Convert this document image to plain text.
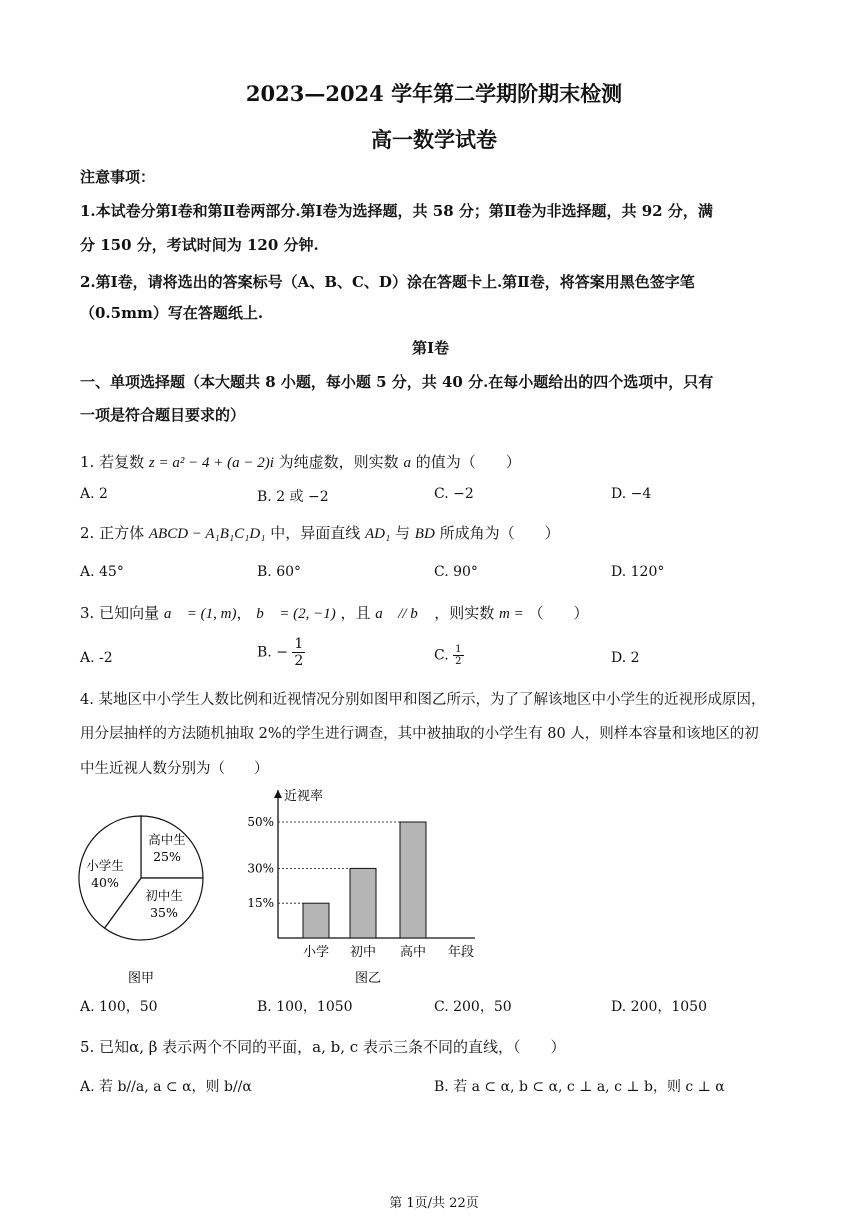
2023—2024 学年第二学期阶期末检测
高一数学试卷
注意事项：
1.本试卷分第Ⅰ卷和第Ⅱ卷两部分.第Ⅰ卷为选择题，共 58 分；第Ⅱ卷为非选择题，共 92 分，满
分 150 分，考试时间为 120 分钟.
2.第Ⅰ卷，请将选出的答案标号（A、B、C、D）涂在答题卡上.第Ⅱ卷，将答案用黑色签字笔
（0.5mm）写在答题纸上.
第Ⅰ卷
一、单项选择题（本大题共 8 小题，每小题 5 分，共 40 分.在每小题给出的四个选项中，只有
一项是符合题目要求的）
1. 若复数 z = a² − 4 + (a − 2)i 为纯虚数，则实数 a 的值为（　　）
A. 2	B. 2 或 −2	C. −2	D. −4
2. 正方体 ABCD − A₁B₁C₁D₁ 中，异面直线 AD₁ 与 BD 所成角为（　　）
A. 45°	B. 60°	C. 90°	D. 120°
3. 已知向量 a⃗ = (1, m)， b⃗ = (2, −1) ，且 a⃗ // b⃗ ，则实数 m = （　　）
A. -2	B. − $\frac{1}{2}$	C. $\frac{1}{2}$	D. 2
4. 某地区中小学生人数比例和近视情况分别如图甲和图乙所示，为了了解该地区中小学生的近视形成原因，
用分层抽样的方法随机抽取 2%的学生进行调查，其中被抽取的小学生有 80 人，则样本容量和该地区的初
中生近视人数分别为（　　）
高中生
25%
初中生
35%
小学生
40%
图甲
近视率
年段
15%
小学
30%
初中
50%
高中
图乙
A. 100，50	B. 100，1050	C. 200，50	D. 200，1050
5. 已知α, β 表示两个不同的平面，a, b, c 表示三条不同的直线，（　　）
A. 若 b//a, a ⊂ α，则 b//α	B. 若 a ⊂ α, b ⊂ α, c ⊥ a, c ⊥ b，则 c ⊥ α
第 1页/共 22页
